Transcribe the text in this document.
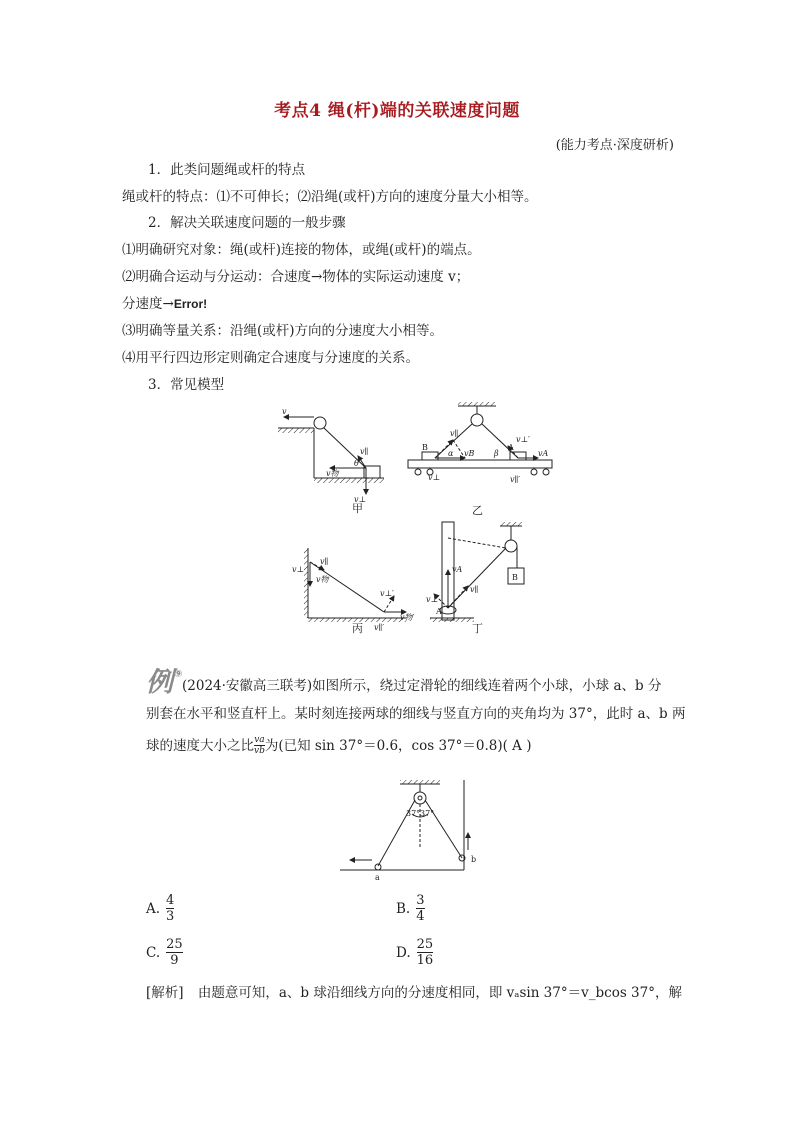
考点4 绳(杆)端的关联速度问题
(能力考点·深度研析)
1．此类问题绳或杆的特点
绳或杆的特点：⑴不可伸长；⑵沿绳(或杆)方向的速度分量大小相等。
2．解决关联速度问题的一般步骤
⑴明确研究对象：绳(或杆)连接的物体，或绳(或杆)的端点。
⑵明确合运动与分运动：合速度→物体的实际运动速度 v；
分速度→Error!
⑶明确等量关系：沿绳(或杆)方向的分速度大小相等。
⑷用平行四边形定则确定合速度与分速度的关系。
3．常见模型
v
v∥
v物
v⊥
θ
B	A
α	β
v∥
vB
v⊥
v⊥′
vA
v∥′
v⊥
v∥
v物
v⊥′
v物′
v∥′
A
B
vA
v⊥
v∥
甲	乙
丙	丁
例⑨
(2024·安徽高三联考)如图所示，绕过定滑轮的细线连着两个小球，小球 a、b 分
别套在水平和竖直杆上。某时刻连接两球的细线与竖直方向的夹角均为 37°，此时 a、b 两
球的速度大小之比 $\frac{va}{vb}$ 为(已知 sin 37°＝0.6，cos 37°＝0.8)( A )
37° 37°
a
b
A. $\frac{4}{3}$	B. $\frac{3}{4}$
C. $\frac{25}{9}$	D. $\frac{25}{16}$
[解析] 由题意可知，a、b 球沿细线方向的分速度相同，即 vₐsin 37°＝v_bcos 37°，解
